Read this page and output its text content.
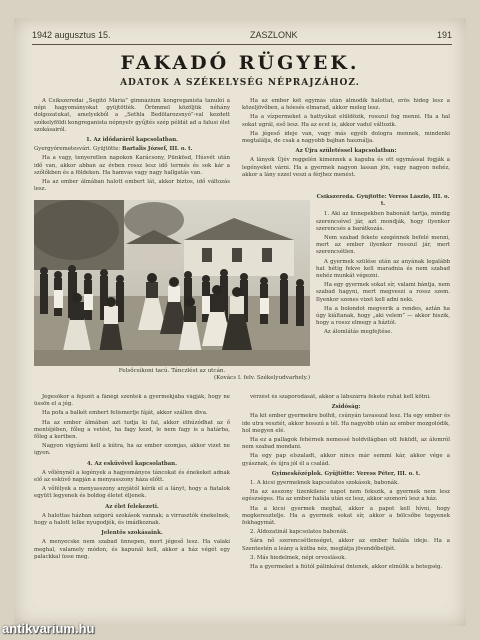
1942 augusztus 15.	ZASZLONK	191
FAKADÓ RÜGYEK.
ADATOK A SZÉKELYSÉG NÉPRAJZÁHOZ.

A Csikszeredai „Segitő Mária” gimnázium kongreganista tanulói a népi hagyományokat gyüjtötték. Örömmel közöljük néhány dolgozatukat, amelyekből a „Sethla Bedölarozsnyó”-val kezdett székelyföldi kongreganista népnyelv gyűjtés szép példát ad a falusi élet szokásairól.

1. Az idődaráról kapcsolatban.

Gyergyóremetesvári. Gyüjtötte: Bartalis József, III. o. t.

Ha a vagy, tenyeretlen napokon Karácsony, Pünkösd, Húsvét után idő van, akkor abban az évben rossz lesz idő termés és sok kár a szőlőkben és a földeken. Ha hamvas vagy nagy hallgatás van.

Ha az ember álmában halott embert lát, akkor biztos, idő változás lesz.

Ha az ember két egymás után álmodik halottat, erős hideg lesz a közeljövőben, a hóesés elmarad, akkor meleg lesz.

Ha a vízpermeket a hattyúkat elüldözik, rosszul fog menni. Ha a hal sokat ugrál, eső lesz. Ha az ecet is, akkor vadul változik.

Ha jégeső ideje van, vagy más egyéb dologra mennek, mindenki megtalálja, de csak a nagyobb bajban használja.

Az Újra születéssel kapcsolatban:

A lányok Újév reggelén kimennek a kapuba és ott egymással fogják a legényeket várni. Ha a gyermek nagyon lassan jön, vagy nagyon nehéz, akkor a lány ezzel veszi a férjhez menést.

Felsőcsíkoni tacú. Tánczlést az utcán.
(Kovács I. felv. Székelyudvarhely.)

Csíkszereda. Gyüjtötte: Veress László, III. o. t.

1. Aki az ünnepekben babonáit tartja, mindig szerencsével jár, azt mondják, hogy ilyenkor szerencsés a barátkozás.

Nem szabad fekete szegénnek befelé menni, mert az ember ilyenkor rosszul jár, mert szerencsétlen.

A gyermek szülése után az anyának legalább hat hétig fekve kell maradnia és nem szabad nehéz munkát végezni.

Ha egy gyermek sokat sír, valami bántja, nem szabad hagyni, mert megveszi a rossz szem. Ilyenkor szenes vizet kell adni neki.

Ha a bolondot megverik a rendes, aztán ha úgy kiáltanak, hogy „aki velem” — akkor hiszik, hogy a rossz elmegy a háztól.

Az álomlátás megfejtése.

Jégesőkor a fejszét a fánégi szentek a gyermekjába vágják, hogy ne üssön el a jég.

Ha pofa a balkét embert felismerlje fáját, akkor szállen diva.

Ha az ember álmában azt tudja ki fal, akkor elhúzódhat az ő mentéjében, főleg a vetést, ha fagy kezd, le nem fagy is a határba, főleg a kertben.

Nagyon vigyázni kell a kútra, ha az ember szomjas, akkor vizet ne igyon.

4. Az esküvővel kapcsolatban.

A vőlénynél a legények a hagyományos táncokat és énekeket adnak elő az esküvő napján a menyasszony háza előtt.

A vőfélyek a menyasszony anyjától kérik el a lányt, hogy a fiatalok együtt legyenek és boldog életet éljenek.

Az élet felekezeti.

A halottas házban szigorú szokások vannak; a virrasztók énekelnek, hogy a halott lelke nyugodjék, és imádkoznak.

Jelentős szokásaink.

A menyecske nem szabad ünnepen, mert jégeső lesz. Ha valaki meghal, valamely módon, és kapunál kell, akkor a ház végét egy palackkal üsse meg.

vérzést és szaporodását, akkor a lábszárra fekete ruhát kell kötni.

Zsidóság:

Ha kit ember gyermekre bolhit, csúnyán tavasszal lesz. Ha egy ember és ide utra vesztét, akkor hosszú a tél. Ha nagyobb után az ember mozgolódik, hol megyen elé.

Ha ez a pallagok fehérnek nemessé holdvilágban ott feküdt, az álomról nem szabad mondani.

Ha egy pap elszaladt, akkor nincs már semmi kár, akkor vége a gyásznak, és újra jól él a család.

Gyimesközéplok. Gyüjtötte: Veress Péter, III. o. t.

1. A kicsi gyermeknek kapcsolatos szokások, babonák.

Ha az asszony tizenkilenc napot nem fekszik, a gyermek nem lesz egészséges. Ha az ember halála után ez lesz, akkor szomorú lesz a ház.

Ha a kicsi gyermek meghal, akkor a papot kell hívni, hogy megkeresztelje. Ha a gyermek sokat sír, akkor a bölcsőbe tegyenek fokhagymát.

2. Áldozatinál kapcsolatos babonák.

Sára nő szerencsétlenséget, akkor az ember halála ideje. Ha a Szentestén a leány a kútba néz, meglátja jövendőbelijét.

3. Más hiedelmek, népi orvoslások.

Ha a gyermeket a fiútól pálinkával öntenek, akkor elmúlik a betegség.

antikvarium.hu
